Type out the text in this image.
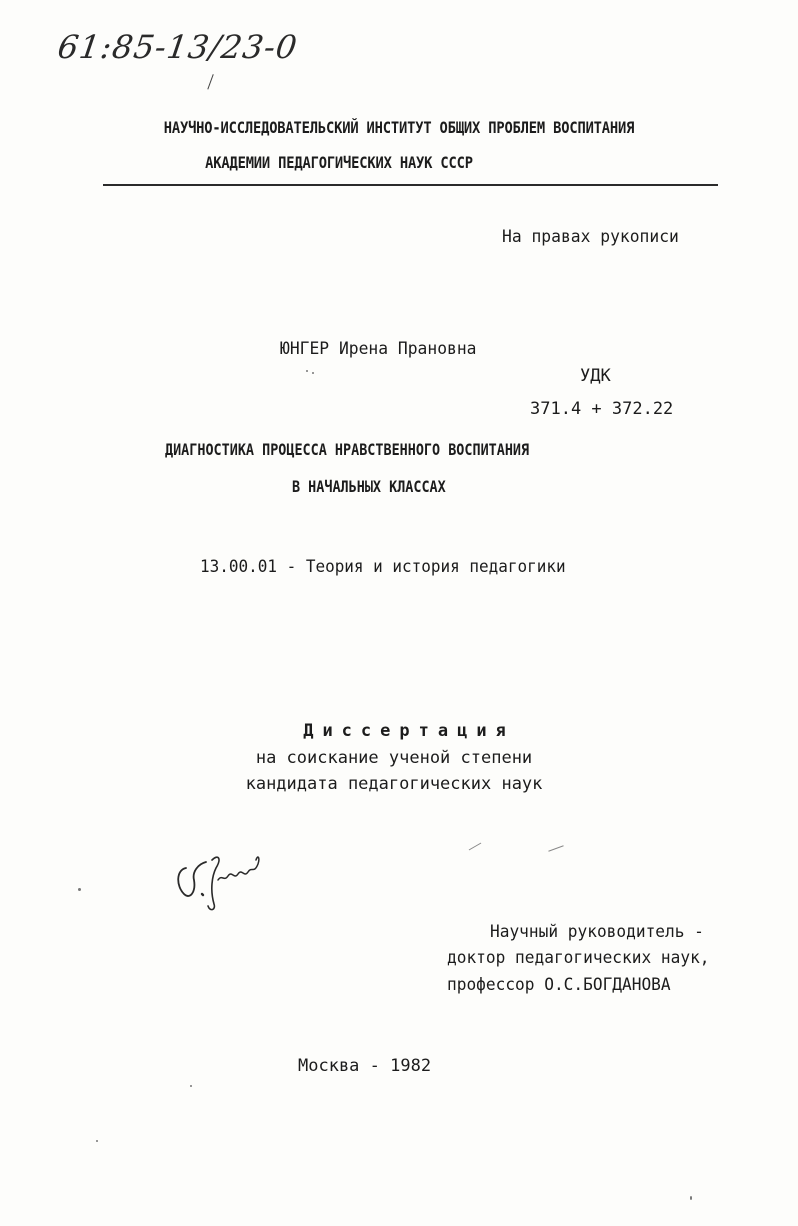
61:85-13/23-0
НАУЧНО-ИССЛЕДОВАТЕЛЬСКИЙ ИНСТИТУТ ОБЩИХ ПРОБЛЕМ ВОСПИТАНИЯ
АКАДЕМИИ ПЕДАГОГИЧЕСКИХ НАУК СССР
На правах рукописи
ЮНГЕР Ирена Прановна
УДК
371.4 + 372.22
ДИАГНОСТИКА ПРОЦЕССА НРАВСТВЕННОГО ВОСПИТАНИЯ
В НАЧАЛЬНЫХ КЛАССАХ
13.00.01 - Теория и история педагогики
Диссертация
на соискание ученой степени
кандидата педагогических наук
Научный руководитель -
доктор педагогических наук,
профессор О.С.БОГДАНОВА
Москва - 1982
